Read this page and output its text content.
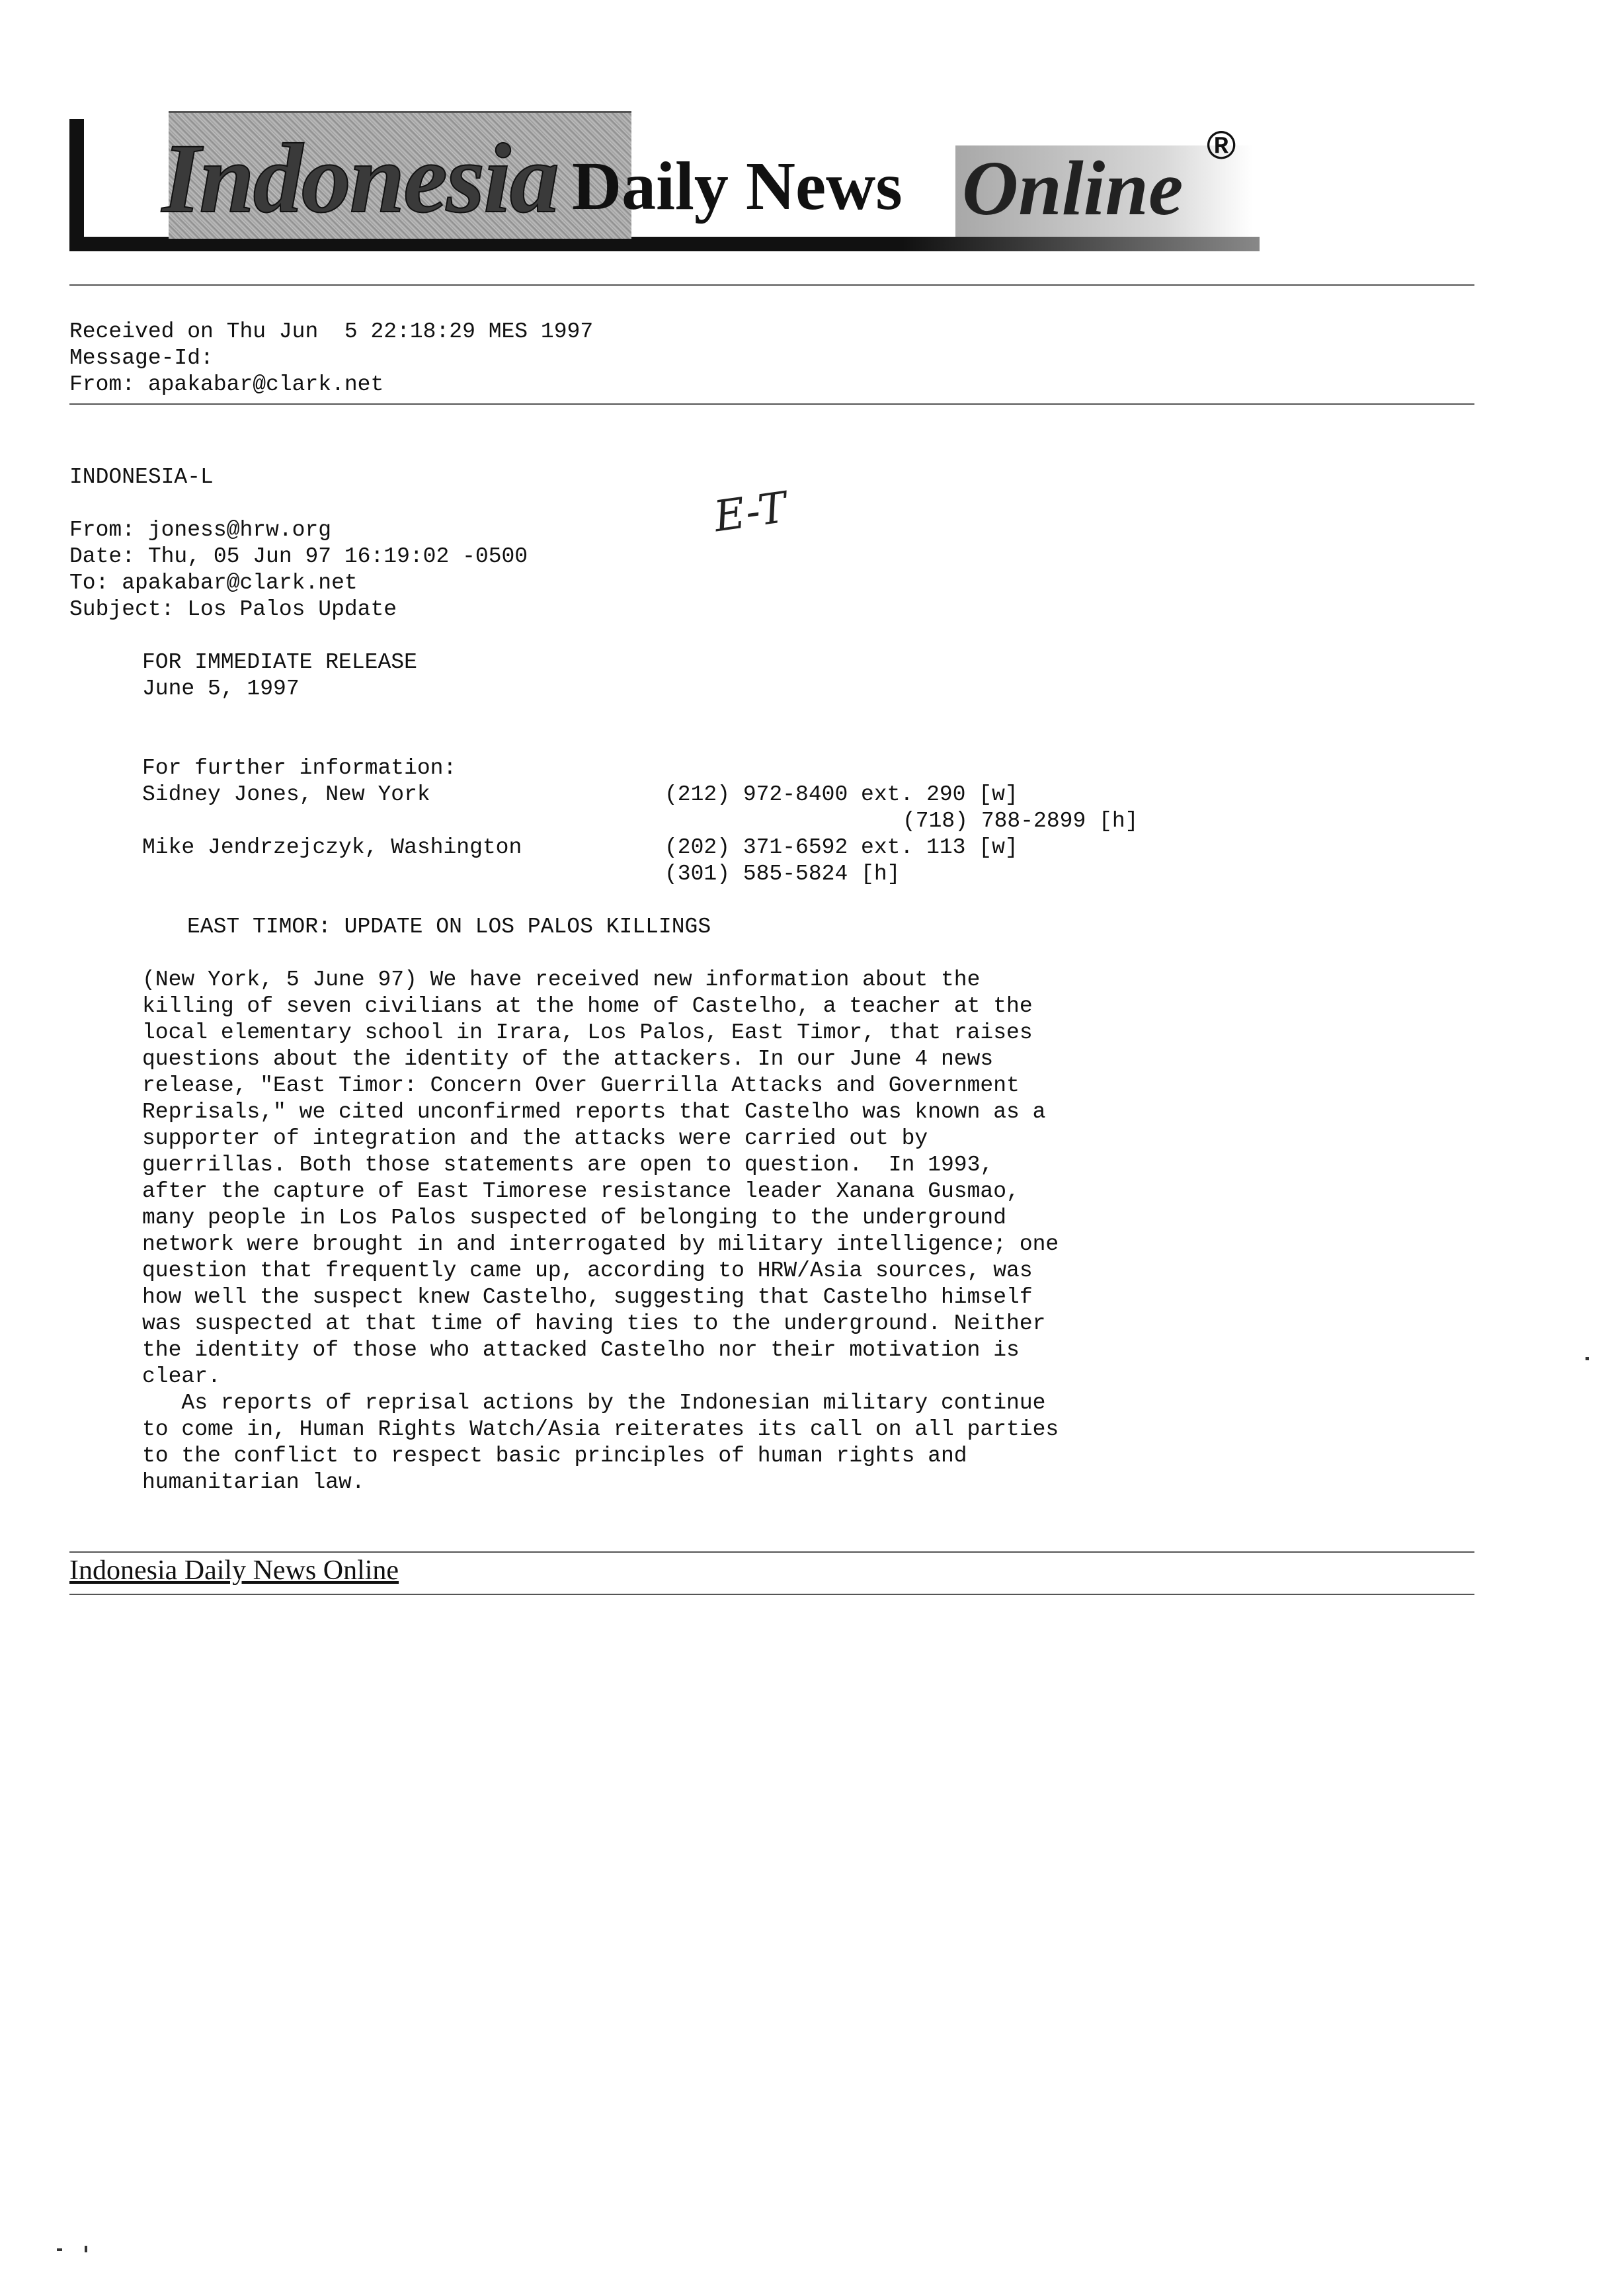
Indonesia Daily News Online ®

Received on Thu Jun  5 22:18:29 MES 1997

Message-Id:

From: apakabar@clark.net

INDONESIA-L

From: joness@hrw.org

Date: Thu, 05 Jun 97 16:19:02 -0500

To: apakabar@clark.net

Subject: Los Palos Update

E-T

FOR IMMEDIATE RELEASE

June 5, 1997

For further information:

Sidney Jones, New York	(212) 972-8400 ext. 290 [w]

(718) 788-2899 [h]

Mike Jendrzejczyk, Washington	(202) 371-6592 ext. 113 [w]

(301) 585-5824 [h]

EAST TIMOR: UPDATE ON LOS PALOS KILLINGS

(New York, 5 June 97) We have received new information about the

killing of seven civilians at the home of Castelho, a teacher at the

local elementary school in Irara, Los Palos, East Timor, that raises

questions about the identity of the attackers. In our June 4 news

release, "East Timor: Concern Over Guerrilla Attacks and Government

Reprisals," we cited unconfirmed reports that Castelho was known as a

supporter of integration and the attacks were carried out by

guerrillas. Both those statements are open to question.  In 1993,

after the capture of East Timorese resistance leader Xanana Gusmao,

many people in Los Palos suspected of belonging to the underground

network were brought in and interrogated by military intelligence; one

question that frequently came up, according to HRW/Asia sources, was

how well the suspect knew Castelho, suggesting that Castelho himself

was suspected at that time of having ties to the underground. Neither

the identity of those who attacked Castelho nor their motivation is

clear.

As reports of reprisal actions by the Indonesian military continue

to come in, Human Rights Watch/Asia reiterates its call on all parties

to the conflict to respect basic principles of human rights and

humanitarian law.

Indonesia Daily News Online
